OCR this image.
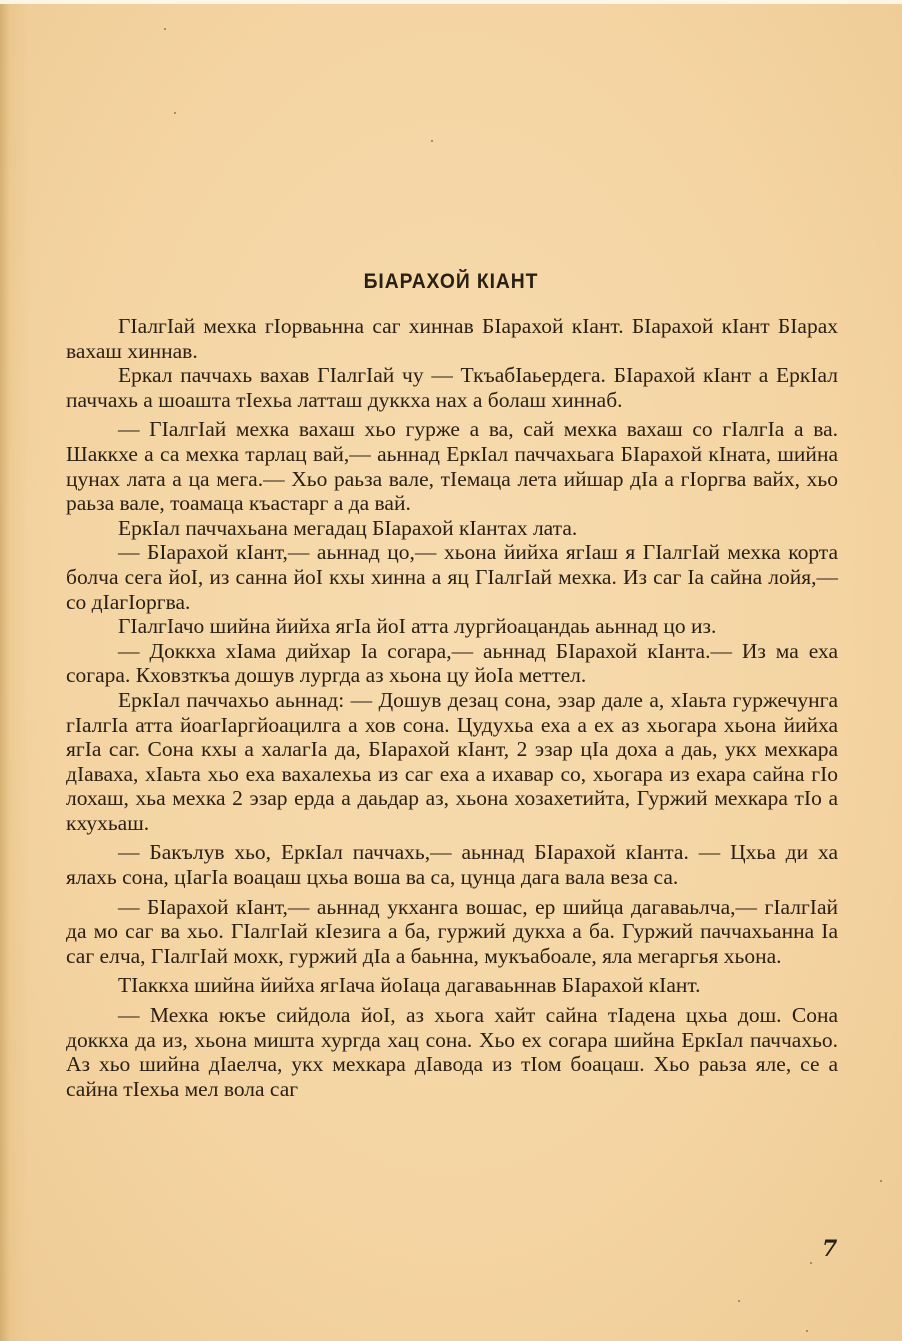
БIАРАХОЙ КIАНТ

ГIалгIай мехка гIорваьнна саг хиннав БIарахой кIант. БIарахой кIант БIарах вахаш хиннав.

Еркал паччахь вахав ГIалгIай чу — ТкъабIаьердега. БIарахой кIант а ЕркIал паччахь а шоашта тIехьа латташ дуккха нах а болаш хиннаб.

— ГIалгIай мехка вахаш хьо гурже а ва, сай мехка вахаш со гIалгIа а ва. Шаккхе а са мехка тарлац вай,— аьннад ЕркIал паччахьага БIарахой кIната, шийна цунах лата а ца мега.— Хьо раьза вале, тIемаца лета ийшар дIа а гIоргва вайх, хьо раьза вале, тоамаца къастарг а да вай.

ЕркIал паччахьана мегадац БIарахой кIантах лата.

— БIарахой кIант,— аьннад цо,— хьона йийха ягIаш я ГIалгIай мехка корта болча сега йоI, из санна йоI кхы хинна а яц ГIалгIай мехка. Из саг Iа сайна лойя,— со дIагIоргва.

ГIалгIачо шийна йийха ягIа йоI атта лургйоацандаь аьннад цо из.

— Доккха хIама дийхар Iа согара,— аьннад БIарахой кIанта.— Из ма еха согара. Кховзткъа дошув лургда аз хьона цу йоIа меттел.

ЕркIал паччахьо аьннад: — Дошув дезац сона, эзар дале а, хIаьта гуржечунга гIалгIа атта йоагIаргйоацилга а хов сона. Цудухьа еха а ех аз хьогара хьона йийха ягIа саг. Сона кхы а халагIа да, БIарахой кIант, 2 эзар цIа доха а даь, укх мехкара дIаваха, хIаьта хьо еха вахалехьа из саг еха а ихавар со, хьогара из ехара сайна гIо лохаш, хьа мехка 2 эзар ерда а даьдар аз, хьона хозахетийта, Гуржий мехкара тIо а кхухьаш.

— Бакълув хьо, ЕркIал паччахь,— аьннад БIарахой кIанта. — Цхьа ди ха ялахь сона, цIагIа воацаш цхьа воша ва са, цунца дага вала веза са.

— БIарахой кIант,— аьннад укханга вошас, ер шийца дагаваьлча,— гIалгIай да мо саг ва хьо. ГIалгIай кIезига а ба, гуржий дукха а ба. Гуржий паччахьанна Iа саг елча, ГIалгIай мохк, гуржий дIа а баьнна, мукъабоале, яла мегаргья хьона.

ТIаккха шийна йийха ягIача йоIаца дагаваьннав БIарахой кIант.

— Мехка юкъе сийдола йоI, аз хьога хайт сайна тIадена цхьа дош. Сона доккха да из, хьона мишта хургда хац сона. Хьо ех согара шийна ЕркIал паччахьо. Аз хьо шийна дIаелча, укх мехкара дIавода из тIом боацаш. Хьо раьза яле, се а сайна тIехьа мел вола саг

7
